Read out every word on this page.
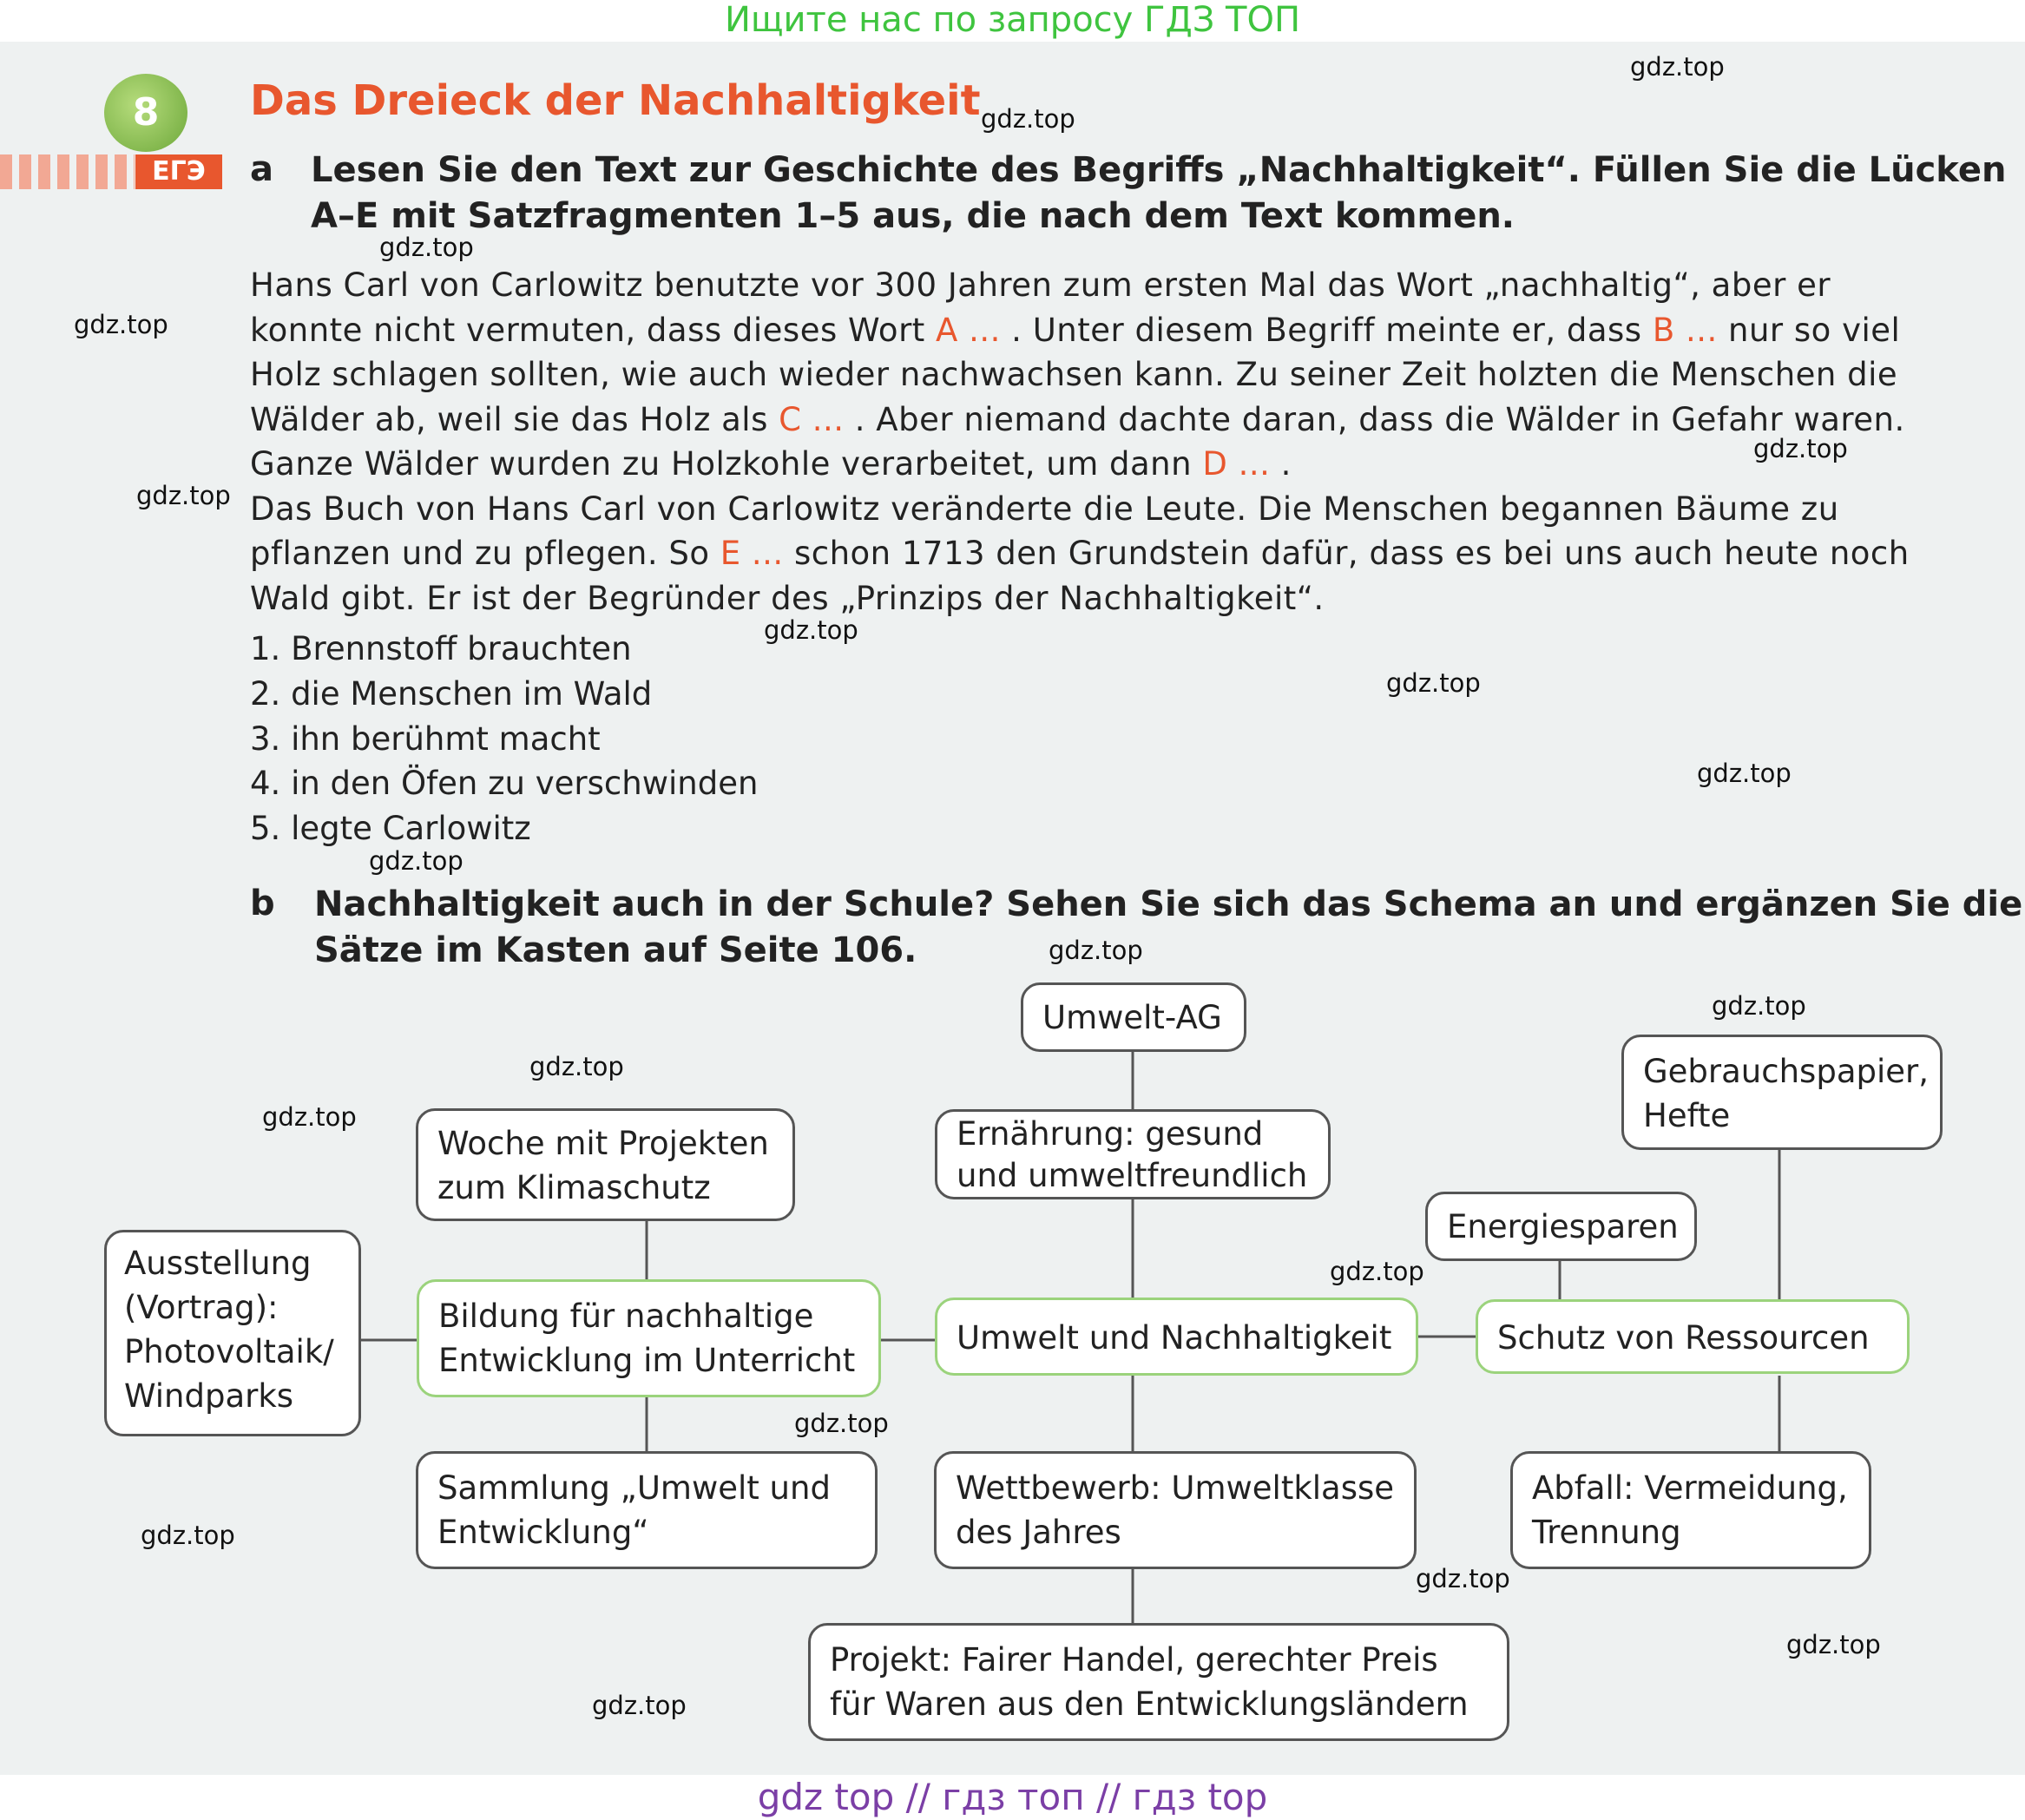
Ищите нас по запросу ГДЗ ТОП
8	Das Dreieck der Nachhaltigkeit
ЕГЭ	a Lesen Sie den Text zur Geschichte des Begriffs „Nachhaltigkeit“. Füllen Sie die Lücken
A–E mit Satzfragmenten 1–5 aus, die nach dem Text kommen.
Hans Carl von Carlowitz benutzte vor 300 Jahren zum ersten Mal das Wort „nachhaltig“, aber er
konnte nicht vermuten, dass dieses Wort A ... . Unter diesem Begriff meinte er, dass B ... nur so viel
Holz schlagen sollten, wie auch wieder nachwachsen kann. Zu seiner Zeit holzten die Menschen die
Wälder ab, weil sie das Holz als C ... . Aber niemand dachte daran, dass die Wälder in Gefahr waren.
Ganze Wälder wurden zu Holzkohle verarbeitet, um dann D ... .
Das Buch von Hans Carl von Carlowitz veränderte die Leute. Die Menschen begannen Bäume zu
pflanzen und zu pflegen. So E ... schon 1713 den Grundstein dafür, dass es bei uns auch heute noch
Wald gibt. Er ist der Begründer des „Prinzips der Nachhaltigkeit“.
1. Brennstoff brauchten
2. die Menschen im Wald
3. ihn berühmt macht
4. in den Öfen zu verschwinden
5. legte Carlowitz
b Nachhaltigkeit auch in der Schule? Sehen Sie sich das Schema an und ergänzen Sie die
Sätze im Kasten auf Seite 106.
Umwelt-AG
Gebrauchspapier,
Hefte
Woche mit Projekten
zum Klimaschutz
Ernährung: gesund
und umweltfreundlich
Energiesparen
Ausstellung
(Vortrag):
Photovoltaik/
Windparks
Bildung für nachhaltige
Entwicklung im Unterricht
Umwelt und Nachhaltigkeit	Schutz von Ressourcen
Sammlung „Umwelt und
Entwicklung“
Wettbewerb: Umweltklasse
des Jahres
Abfall: Vermeidung,
Trennung
Projekt: Fairer Handel, gerechter Preis
für Waren aus den Entwicklungsländern
gdz.top
gdz.top
gdz.top
gdz.top
gdz.top
gdz.top
gdz.top
gdz.top
gdz.top
gdz.top
gdz.top
gdz.top
gdz.top
gdz.top
gdz.top
gdz.top
gdz.top
gdz.top
gdz.top
gdz.top
gdz top // гдз топ // гдз top
